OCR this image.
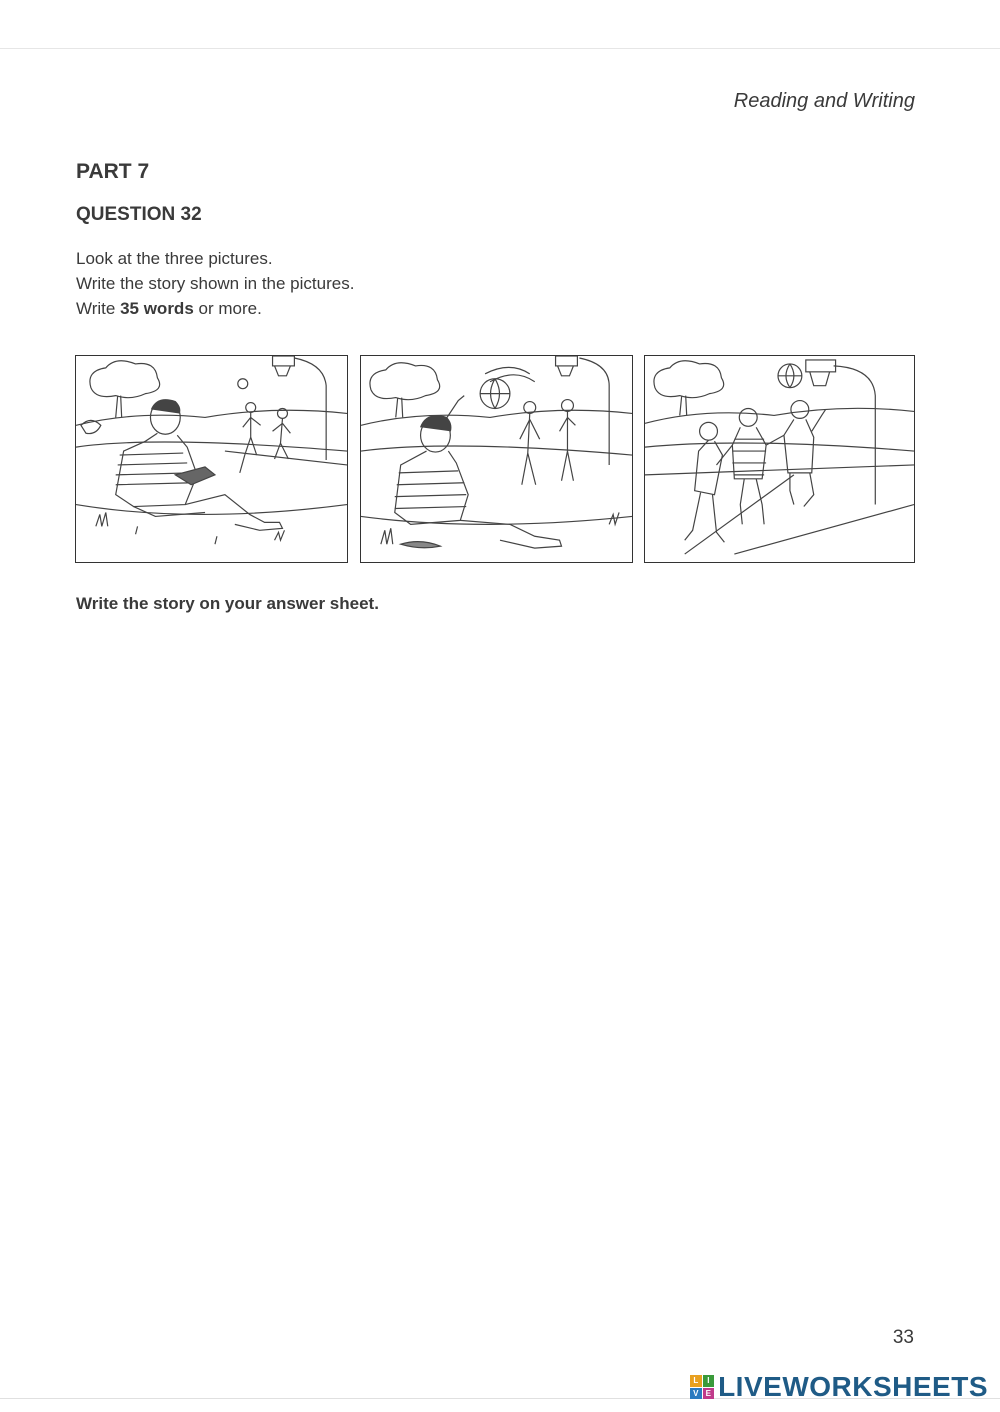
Reading and Writing
PART 7
QUESTION 32
Look at the three pictures.
Write the story shown in the pictures.
Write 35 words or more.
Write the story on your answer sheet.
33
L	I
V E LIVEWORKSHEETS
